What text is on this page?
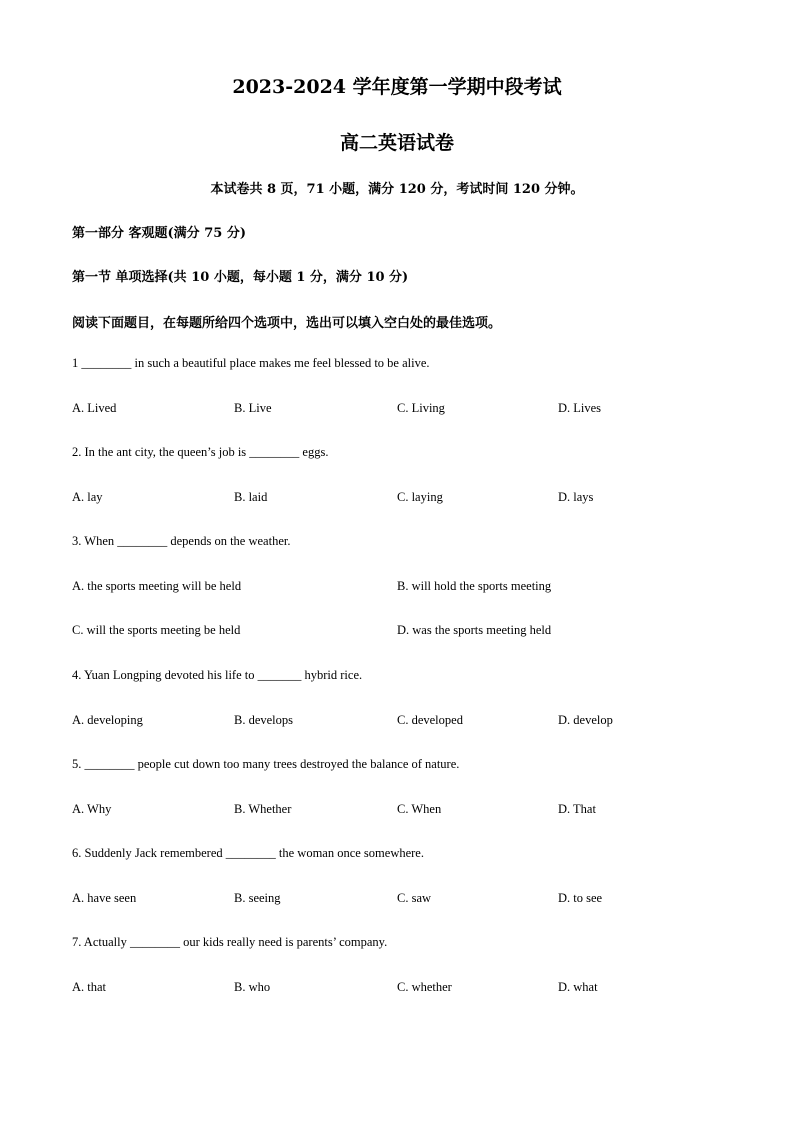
2023-2024 学年度第一学期中段考试
高二英语试卷
本试卷共 8 页，71 小题，满分 120 分，考试时间 120 分钟。
第一部分 客观题(满分 75 分)
第一节 单项选择(共 10 小题，每小题 1 分，满分 10 分)
阅读下面题目，在每题所给四个选项中，选出可以填入空白处的最佳选项。
1 ________ in such a beautiful place makes me feel blessed to be alive.
A. Lived	B. Live	C. Living	D. Lives
2. In the ant city, the queen’s job is ________ eggs.
A. lay	B. laid	C. laying	D. lays
3. When ________ depends on the weather.
A. the sports meeting will be held	B. will hold the sports meeting
C. will the sports meeting be held	D. was the sports meeting held
4. Yuan Longping devoted his life to _______ hybrid rice.
A. developing	B. develops	C. developed	D. develop
5. ________ people cut down too many trees destroyed the balance of nature.
A. Why	B. Whether	C. When	D. That
6. Suddenly Jack remembered ________ the woman once somewhere.
A. have seen	B. seeing	C. saw	D. to see
7. Actually ________ our kids really need is parents’ company.
A. that	B. who	C. whether	D. what
